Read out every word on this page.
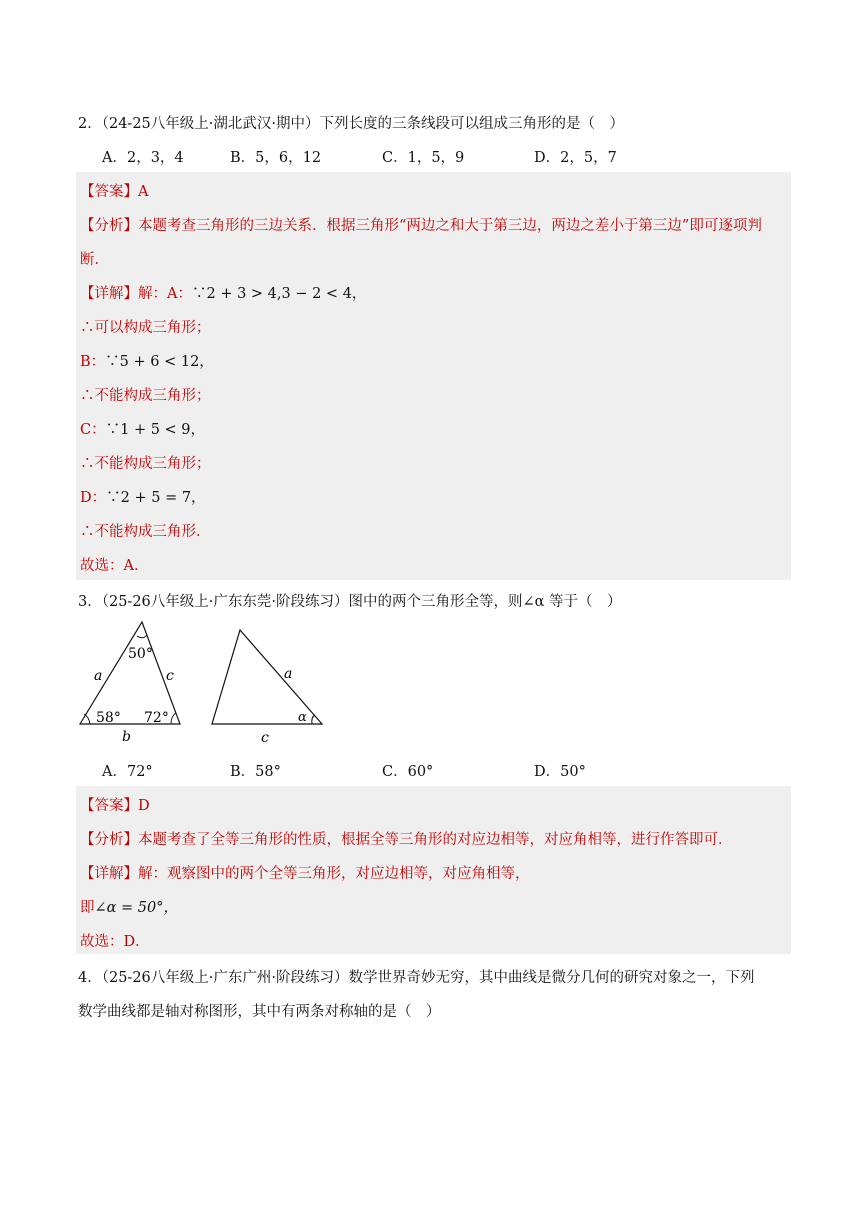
2．（24-25八年级上·湖北武汉·期中）下列长度的三条线段可以组成三角形的是（　）
A．2，3，4	B．5，6，12	C．1，5，9	D．2，5，7
【答案】A
【分析】本题考查三角形的三边关系．根据三角形“两边之和大于第三边，两边之差小于第三边”即可逐项判
断．
【详解】解：A：∵2 + 3 > 4,3 − 2 < 4，
∴可以构成三角形；
B：∵5 + 6 < 12，
∴不能构成三角形；
C：∵1 + 5 < 9，
∴不能构成三角形；
D：∵2 + 5 = 7，
∴不能构成三角形．
故选：A．
3．（25-26八年级上·广东东莞·阶段练习）图中的两个三角形全等，则∠α 等于（　）
50°
a	c
58° 72°
b
a
α
c
A．72°	B．58°	C．60°	D．50°
【答案】D
【分析】本题考查了全等三角形的性质，根据全等三角形的对应边相等，对应角相等，进行作答即可．
【详解】解：观察图中的两个全等三角形，对应边相等，对应角相等，
即∠α = 50°，
故选：D．
4．（25-26八年级上·广东广州·阶段练习）数学世界奇妙无穷，其中曲线是微分几何的研究对象之一，下列
数学曲线都是轴对称图形，其中有两条对称轴的是（　）
